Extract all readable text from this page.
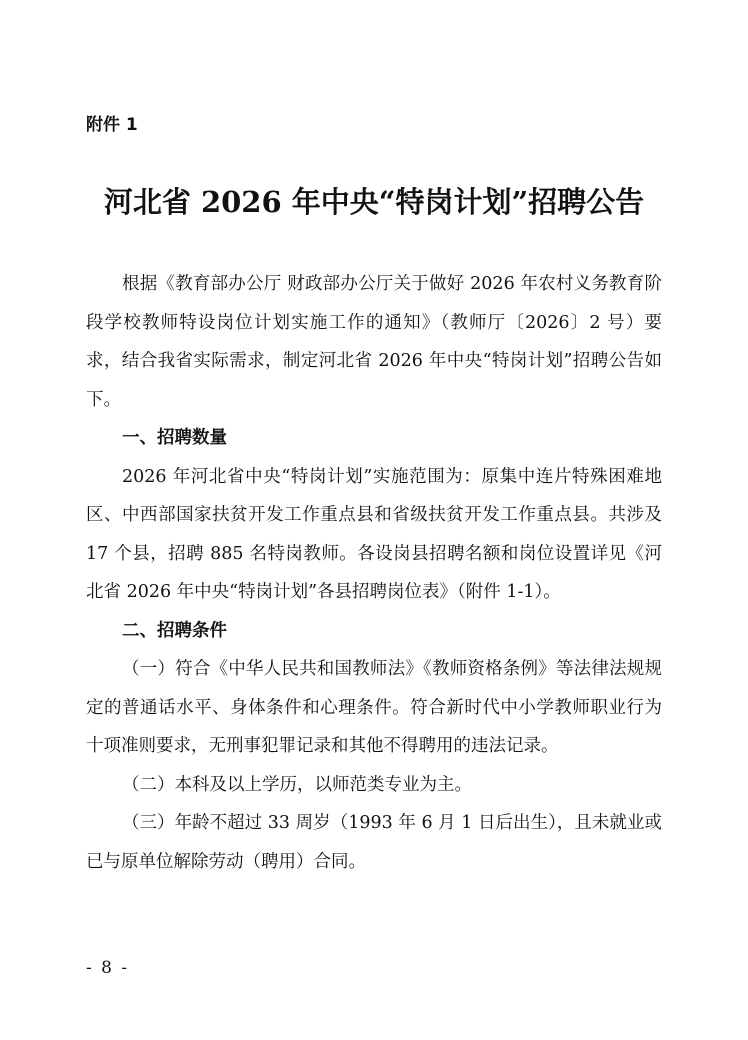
附件 1
河北省 2026 年中央“特岗计划”招聘公告

根据《教育部办公厅 财政部办公厅关于做好 2026 年农村义务教育阶段学校教师特设岗位计划实施工作的通知》（教师厅〔2026〕2 号）要求，结合我省实际需求，制定河北省 2026 年中央“特岗计划”招聘公告如下。

一、招聘数量

2026 年河北省中央“特岗计划”实施范围为：原集中连片特殊困难地区、中西部国家扶贫开发工作重点县和省级扶贫开发工作重点县。共涉及 17 个县，招聘 885 名特岗教师。各设岗县招聘名额和岗位设置详见《河北省 2026 年中央“特岗计划”各县招聘岗位表》（附件 1-1）。

二、招聘条件

（一）符合《中华人民共和国教师法》《教师资格条例》等法律法规规定的普通话水平、身体条件和心理条件。符合新时代中小学教师职业行为十项准则要求，无刑事犯罪记录和其他不得聘用的违法记录。

（二）本科及以上学历，以师范类专业为主。

（三）年龄不超过 33 周岁（1993 年 6 月 1 日后出生），且未就业或已与原单位解除劳动（聘用）合同。

- 8 -
